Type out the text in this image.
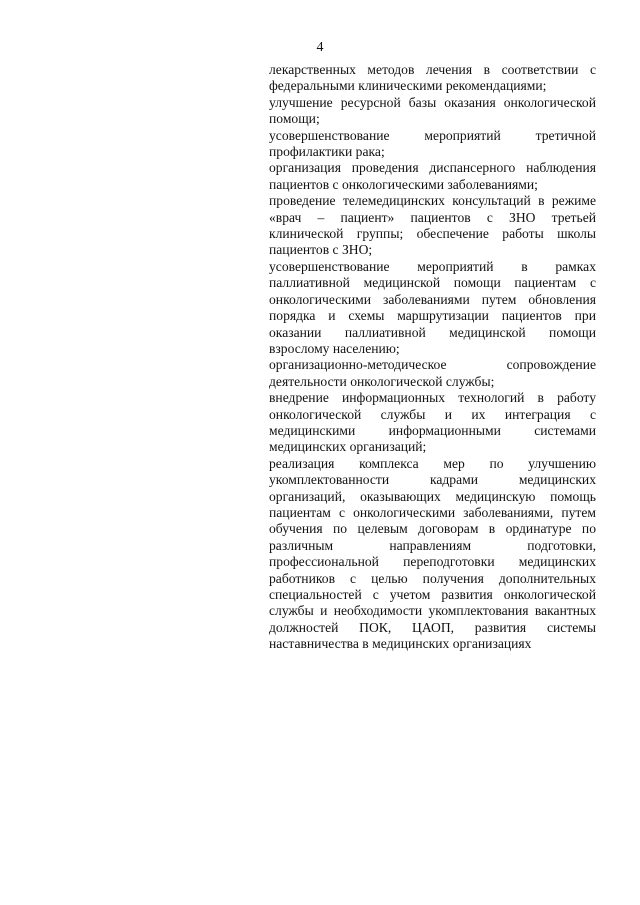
4

лекарственных методов лечения в соответствии с федеральными клиническими рекомендациями;

улучшение ресурсной базы оказания онкологической помощи;

усовершенствование мероприятий третичной профилактики рака;

организация проведения диспансерного наблюдения пациентов с онкологическими заболеваниями;

проведение телемедицинских консультаций в режиме «врач – пациент» пациентов с ЗНО третьей клинической группы; обеспечение работы школы пациентов с ЗНО;

усовершенствование мероприятий в рамках паллиативной медицинской помощи пациентам с онкологическими заболеваниями путем обновления порядка и схемы маршрутизации пациентов при оказании паллиативной медицинской помощи взрослому населению;

организационно-методическое сопровождение деятельности онкологической службы;

внедрение информационных технологий в работу онкологической службы и их интеграция с медицинскими информационными системами медицинских организаций;

реализация комплекса мер по улучшению укомплектованности кадрами медицинских организаций, оказывающих медицинскую помощь пациентам с онкологическими заболеваниями, путем обучения по целевым договорам в ординатуре по различным направлениям подготовки, профессиональной переподготовки медицинских работников с целью получения дополнительных специальностей с учетом развития онкологической службы и необходимости укомплектования вакантных должностей ПОК, ЦАОП, развития системы наставничества в медицинских организациях
